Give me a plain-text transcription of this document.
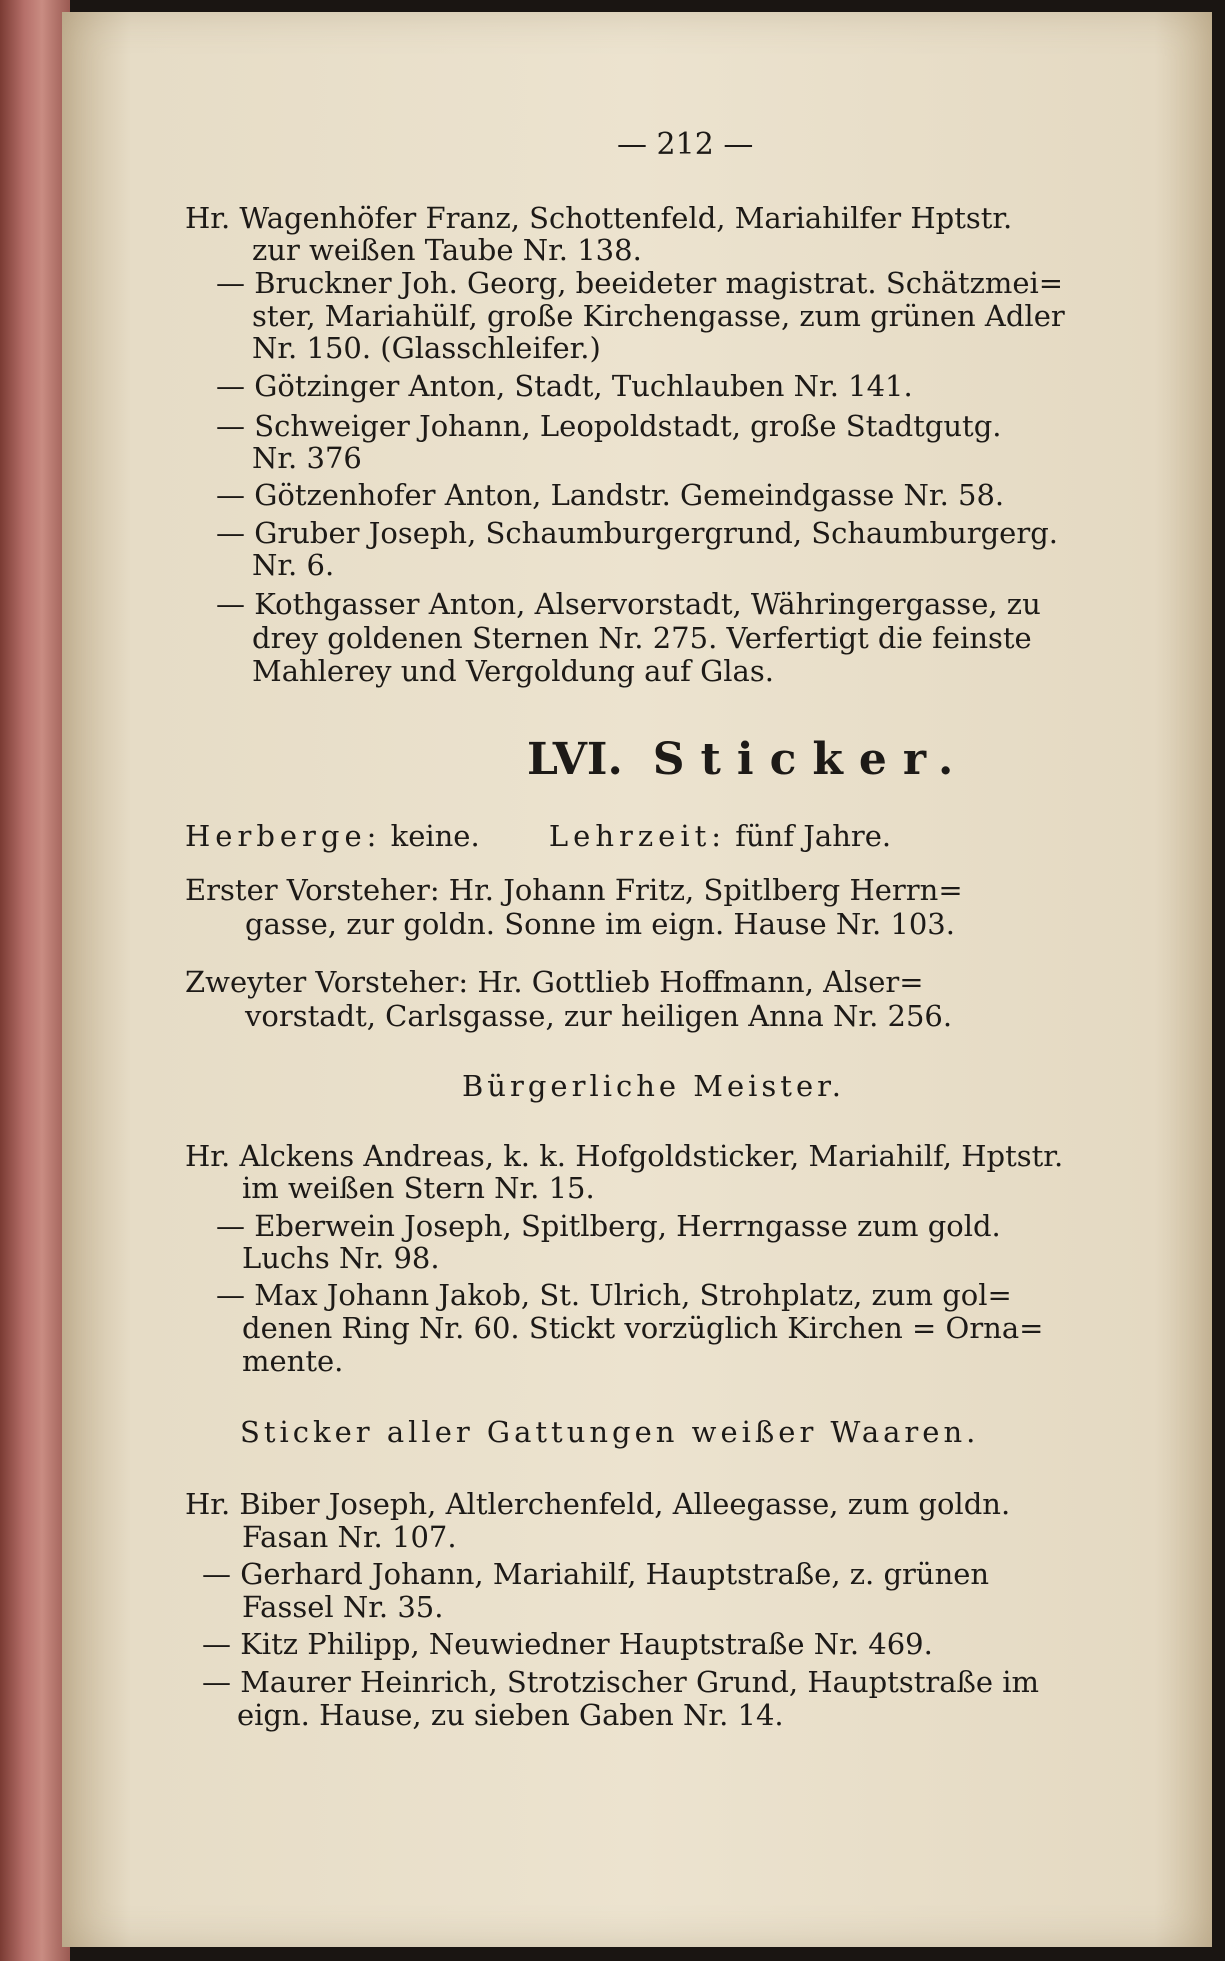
— 212 —

Hr. Wagenhöfer Franz, Schottenfeld, Mariahilfer Hptstr.

zur weißen Taube Nr. 138.

— Bruckner Joh. Georg, beeideter magistrat. Schätzmei=

ster, Mariahülf, große Kirchengasse, zum grünen Adler

Nr. 150. (Glasschleifer.)

— Götzinger Anton, Stadt, Tuchlauben Nr. 141.

— Schweiger Johann, Leopoldstadt, große Stadtgutg.

Nr. 376

— Götzenhofer Anton, Landstr. Gemeindgasse Nr. 58.

— Gruber Joseph, Schaumburgergrund, Schaumburgerg.

Nr. 6.

— Kothgasser Anton, Alservorstadt, Währingergasse, zu

drey goldenen Sternen Nr. 275. Verfertigt die feinste

Mahlerey und Vergoldung auf Glas.

LVI. Sticker.

Herberge: keine. Lehrzeit: fünf Jahre.

Erster Vorsteher: Hr. Johann Fritz, Spitlberg Herrn=

gasse, zur goldn. Sonne im eign. Hause Nr. 103.

Zweyter Vorsteher: Hr. Gottlieb Hoffmann, Alser=

vorstadt, Carlsgasse, zur heiligen Anna Nr. 256.

Bürgerliche Meister.

Hr. Alckens Andreas, k. k. Hofgoldsticker, Mariahilf, Hptstr.

im weißen Stern Nr. 15.

— Eberwein Joseph, Spitlberg, Herrngasse zum gold.

Luchs Nr. 98.

— Max Johann Jakob, St. Ulrich, Strohplatz, zum gol=

denen Ring Nr. 60. Stickt vorzüglich Kirchen = Orna=

mente.

Sticker aller Gattungen weißer Waaren.

Hr. Biber Joseph, Altlerchenfeld, Alleegasse, zum goldn.

Fasan Nr. 107.

— Gerhard Johann, Mariahilf, Hauptstraße, z. grünen

Fassel Nr. 35.

— Kitz Philipp, Neuwiedner Hauptstraße Nr. 469.

— Maurer Heinrich, Strotzischer Grund, Hauptstraße im

eign. Hause, zu sieben Gaben Nr. 14.
